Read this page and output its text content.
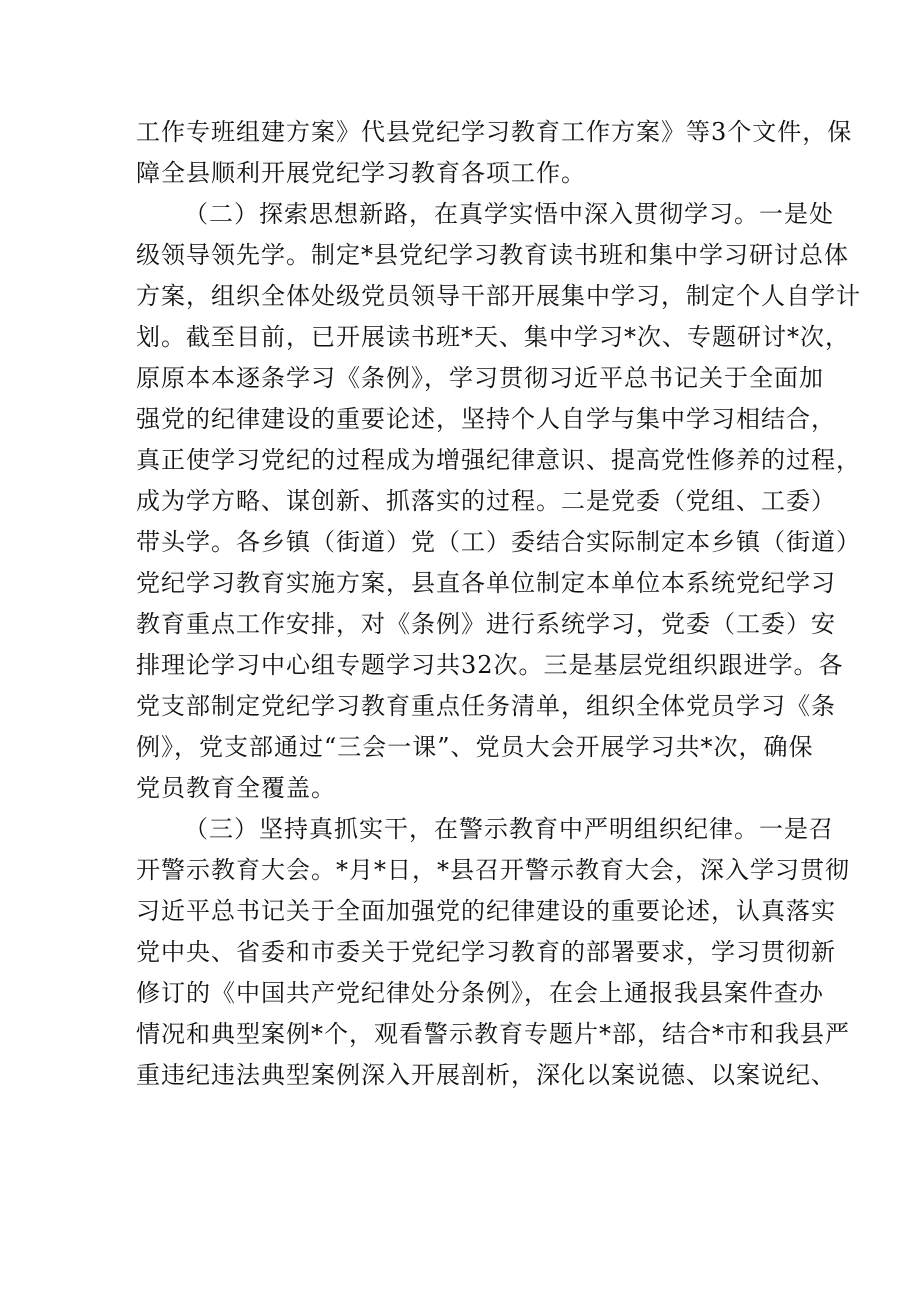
工作专班组建方案》代县党纪学习教育工作方案》等3个文件，保
障全县顺利开展党纪学习教育各项工作。

（二）探索思想新路，在真学实悟中深入贯彻学习。一是处
级领导领先学。制定*县党纪学习教育读书班和集中学习研讨总体
方案，组织全体处级党员领导干部开展集中学习，制定个人自学计
划。截至目前，已开展读书班*天、集中学习*次、专题研讨*次，
原原本本逐条学习《条例》，学习贯彻习近平总书记关于全面加
强党的纪律建设的重要论述，坚持个人自学与集中学习相结合，
真正使学习党纪的过程成为增强纪律意识、提高党性修养的过程，
成为学方略、谋创新、抓落实的过程。二是党委（党组、工委）
带头学。各乡镇（街道）党（工）委结合实际制定本乡镇（街道）
党纪学习教育实施方案，县直各单位制定本单位本系统党纪学习
教育重点工作安排，对《条例》进行系统学习，党委（工委）安
排理论学习中心组专题学习共32次。三是基层党组织跟进学。各
党支部制定党纪学习教育重点任务清单，组织全体党员学习《条
例》，党支部通过“三会一课”、党员大会开展学习共*次，确保
党员教育全覆盖。

（三）坚持真抓实干，在警示教育中严明组织纪律。一是召
开警示教育大会。*月*日，*县召开警示教育大会，深入学习贯彻
习近平总书记关于全面加强党的纪律建设的重要论述，认真落实
党中央、省委和市委关于党纪学习教育的部署要求，学习贯彻新
修订的《中国共产党纪律处分条例》，在会上通报我县案件查办
情况和典型案例*个，观看警示教育专题片*部，结合*市和我县严
重违纪违法典型案例深入开展剖析，深化以案说德、以案说纪、
